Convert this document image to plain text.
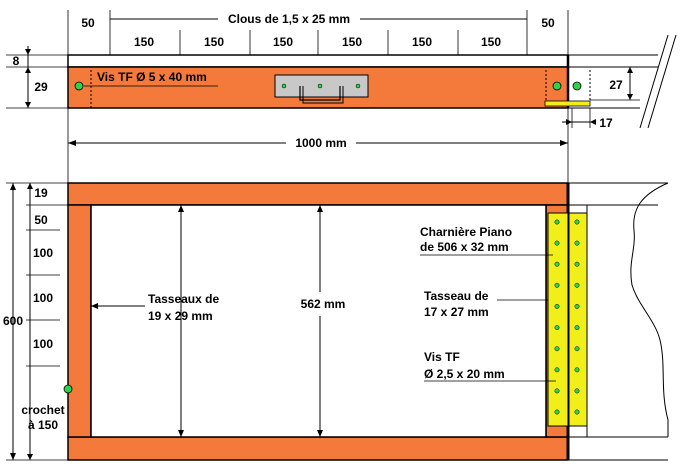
Clous de 1,5 x 25 mm
50	50
150	150	150	150	150	150
8
29
Vis TF Ø 5 x 40 mm
27
17
1000 mm
600
19
50
100
100
100
crochet
à 150
Tasseaux de
19 x 29 mm
562 mm
Charnière Piano
de 506 x 32 mm
Tasseau de
17 x 27 mm
Vis TF
Ø 2,5 x 20 mm
